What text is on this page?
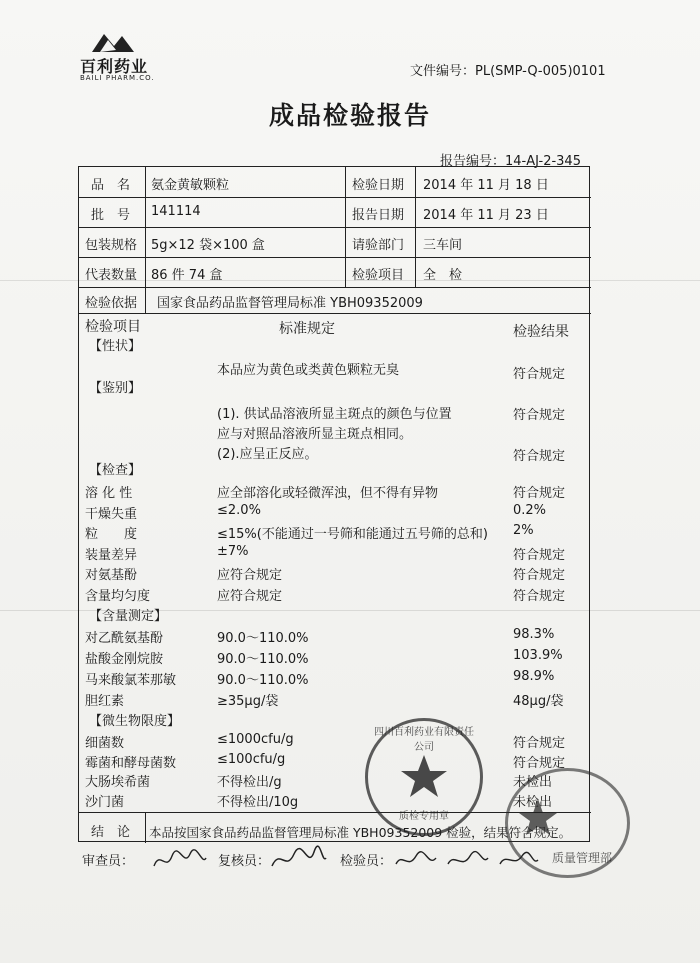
百利药业
BAILI PHARM.CO.	文件编号：PL(SMP-Q-005)0101
成品检验报告
报告编号：14-AJ-2-345
品　名 氨金黄敏颗粒	检验日期 2014 年 11 月 18 日
批　号 141114	报告日期 2014 年 11 月 23 日
包装规格 5g×12 袋×100 盒	请验部门 三车间
代表数量 86 件 74 盒	检验项目 全　检
检验依据 国家食品药品监督管理局标准 YBH09352009
检验项目	标准规定	检验结果
【性状】
本品应为黄色或类黄色颗粒无臭	符合规定
【鉴别】
(1). 供试品溶液所显主斑点的颜色与位置	符合规定
应与对照品溶液所显主斑点相同。
(2).应呈正反应。	符合规定
【检查】
溶 化 性	应全部溶化或轻微浑浊，但不得有异物	符合规定
干燥失重	≤2.0%	0.2%
粒　　度	≤15%(不能通过一号筛和能通过五号筛的总和) 2%
装量差异	±7%	符合规定
对氨基酚	应符合规定	符合规定
含量均匀度	应符合规定	符合规定
【含量测定】
对乙酰氨基酚	90.0～110.0%	98.3%
盐酸金刚烷胺	90.0～110.0%	103.9%
马来酸氯苯那敏	90.0～110.0%	98.9%
胆红素	≥35μg/袋	48μg/袋
【微生物限度】
细菌数	≤1000cfu/g	符合规定
霉菌和酵母菌数	≤100cfu/g	符合规定
大肠埃希菌	不得检出/g	未检出
沙门菌	不得检出/10g	未检出
结　论 本品按国家食品药品监督管理局标准 YBH09352009 检验，结果符合规定。
四川百利药业有限责任公司
质检专用章
质量管理部
审查员：	复核员：	检验员：
